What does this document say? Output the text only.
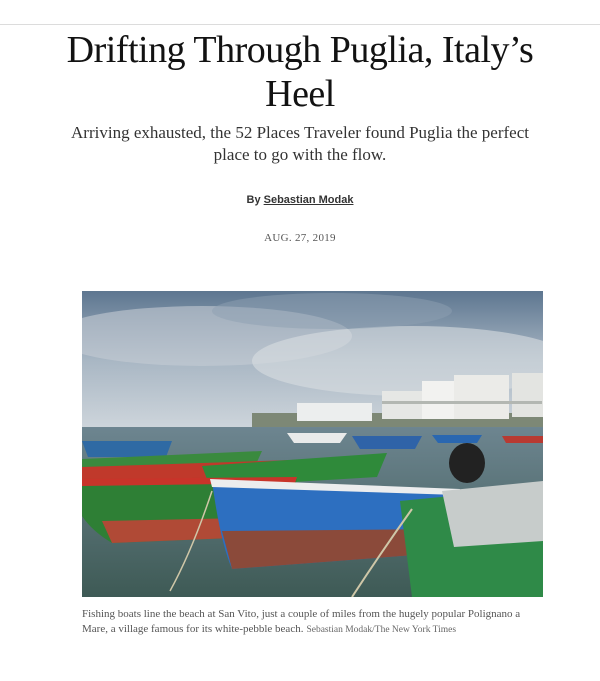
Drifting Through Puglia, Italy’s Heel

Arriving exhausted, the 52 Places Traveler found Puglia the perfect place to go with the flow.

By Sebastian Modak
AUG. 27, 2019
Fishing boats line the beach at San Vito, just a couple of miles from the hugely popular Polignano a Mare, a village famous for its white-pebble beach. Sebastian Modak/The New York Times
